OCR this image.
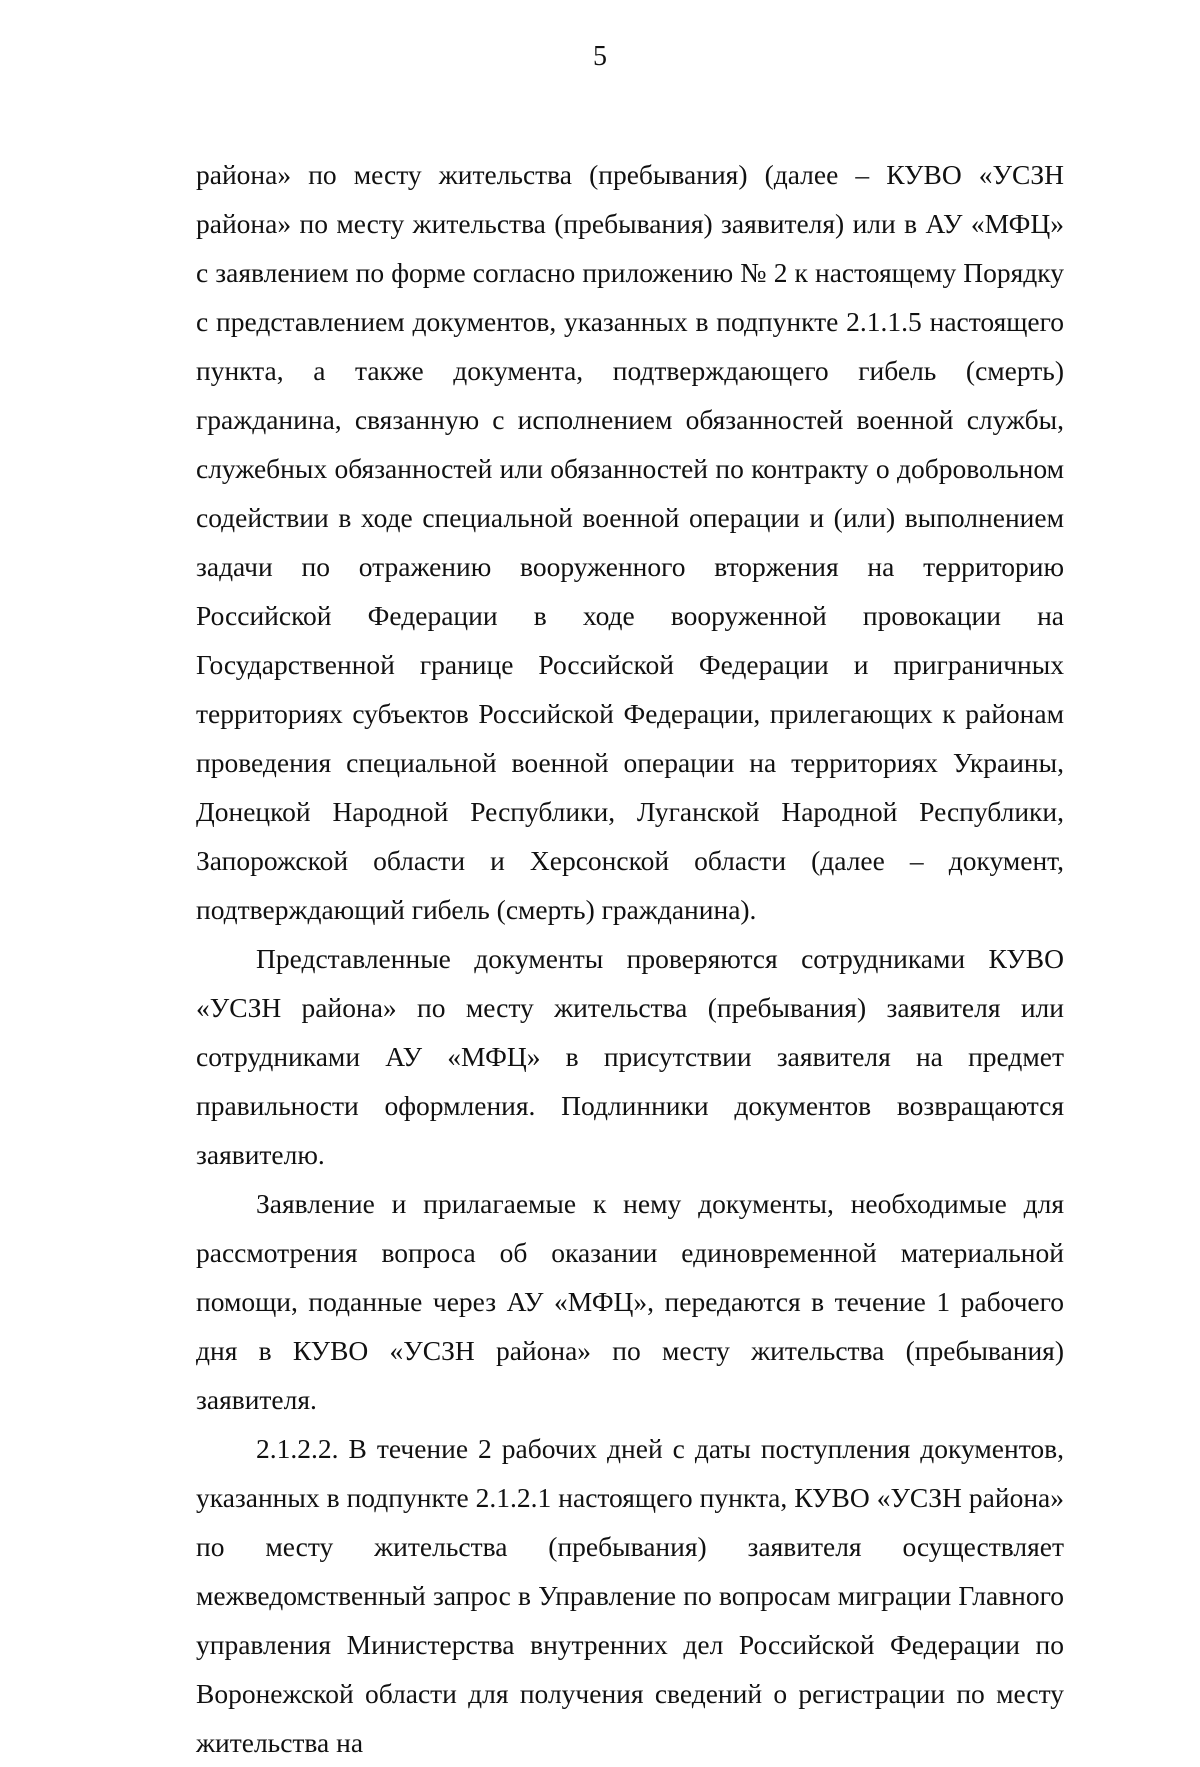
5

района» по месту жительства (пребывания) (далее – КУВО «УСЗН района» по месту жительства (пребывания) заявителя) или в АУ «МФЦ» с заявлением по форме согласно приложению № 2 к настоящему Порядку с представлением документов, указанных в подпункте 2.1.1.5 настоящего пункта, а также документа, подтверждающего гибель (смерть) гражданина, связанную с исполнением обязанностей военной службы, служебных обязанностей или обязанностей по контракту о добровольном содействии в ходе специальной военной операции и (или) выполнением задачи по отражению вооруженного вторжения на территорию Российской Федерации в ходе вооруженной провокации на Государственной границе Российской Федерации и приграничных территориях субъектов Российской Федерации, прилегающих к районам проведения специальной военной операции на территориях Украины, Донецкой Народной Республики, Луганской Народной Республики, Запорожской области и Херсонской области (далее – документ, подтверждающий гибель (смерть) гражданина).

Представленные документы проверяются сотрудниками КУВО «УСЗН района» по месту жительства (пребывания) заявителя или сотрудниками АУ «МФЦ» в присутствии заявителя на предмет правильности оформления. Подлинники документов возвращаются заявителю.

Заявление и прилагаемые к нему документы, необходимые для рассмотрения вопроса об оказании единовременной материальной помощи, поданные через АУ «МФЦ», передаются в течение 1 рабочего дня в КУВО «УСЗН района» по месту жительства (пребывания) заявителя.

2.1.2.2. В течение 2 рабочих дней с даты поступления документов, указанных в подпункте 2.1.2.1 настоящего пункта, КУВО «УСЗН района» по месту жительства (пребывания) заявителя осуществляет межведомственный запрос в Управление по вопросам миграции Главного управления Министерства внутренних дел Российской Федерации по Воронежской области для получения сведений о регистрации по месту жительства на
